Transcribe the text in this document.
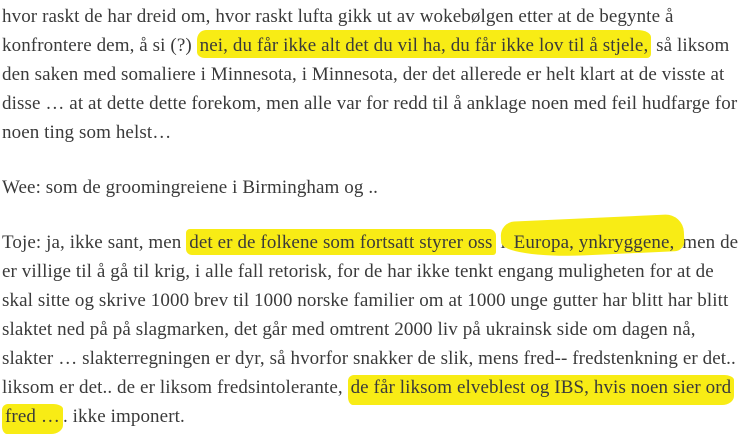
hvor raskt de har dreid om, hvor raskt lufta gikk ut av wokebølgen etter at de begynte å konfrontere dem, å si (?) nei, du får ikke alt det du vil ha, du får ikke lov til å stjele, så liksom den saken med somaliere i Minnesota, i Minnesota, der det allerede er helt klart at de visste at disse … at at dette dette forekom, men alle var for redd til å anklage noen med feil hudfarge for noen ting som helst…

Wee: som de groomingreiene i Birmingham og ..

Toje: ja, ikke sant, men det er de folkene som fortsatt styrer oss i Europa, ynkryggene, men de er villige til å gå til krig, i alle fall retorisk, for de har ikke tenkt engang muligheten for at de skal sitte og skrive 1000 brev til 1000 norske familier om at 1000 unge gutter har blitt har blitt slaktet ned på på slagmarken, det går med omtrent 2000 liv på ukrainsk side om dagen nå, slakter … slakterregningen er dyr, så hvorfor snakker de slik, mens fred-- fredstenkning er det.. liksom er det.. de er liksom fredsintolerante, de får liksom elveblest og IBS, hvis noen sier ord fred … . ikke imponert.
